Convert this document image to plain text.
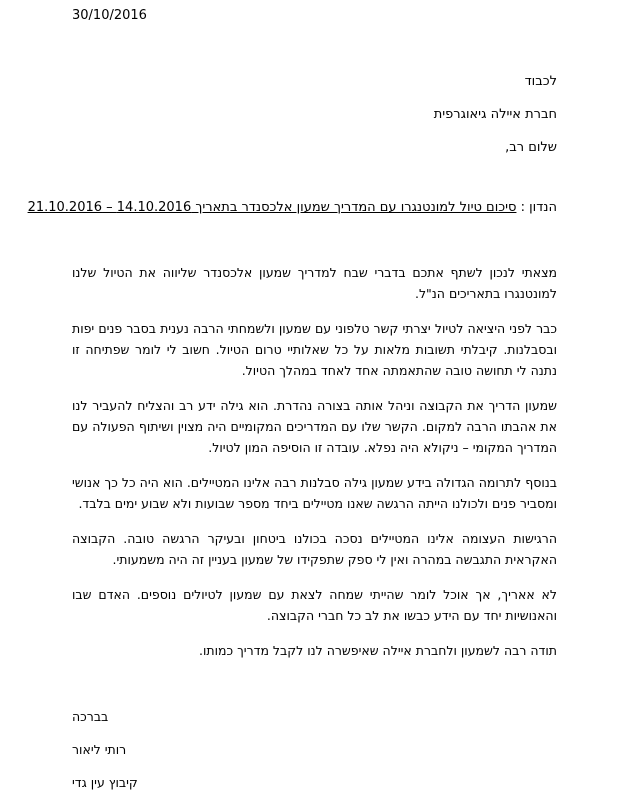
30/10/2016
לכבוד
חברת איילה גיאוגרפית
שלום רב,
הנדון : סיכום טיול למונטנגרו עם המדריך שמעון אלכסנדר בתאריך 14.10.2016 – 21.10.2016

מצאתי לנכון לשתף אתכם בדברי שבח למדריך שמעון אלכסנדר שליווה את הטיול שלנו למונטנגרו בתאריכים הנ"ל.

כבר לפני היציאה לטיול יצרתי קשר טלפוני עם שמעון ולשמחתי הרבה נענית בסבר פנים יפות ובסבלנות. קיבלתי תשובות מלאות על כל שאלותיי טרום הטיול. חשוב לי לומר שפתיחה זו נתנה לי תחושה טובה שהתאמתה אחד לאחד במהלך הטיול.

שמעון הדריך את הקבוצה וניהל אותה בצורה נהדרת. הוא גילה ידע רב והצליח להעביר לנו את אהבתו הרבה למקום. הקשר שלו עם המדריכים המקומיים היה מצוין ושיתוף הפעולה עם המדריך המקומי – ניקולא היה נפלא. עובדה זו הוסיפה המון לטיול.

בנוסף לתרומה הגדולה בידע שמעון גילה סבלנות רבה אלינו המטיילים. הוא היה כל כך אנושי ומסביר פנים ולכולנו הייתה הרגשה שאנו מטיילים ביחד מספר שבועות ולא שבוע ימים בלבד.

הרגישות העצומה אלינו המטיילים נסכה בכולנו ביטחון ובעיקר הרגשה טובה. הקבוצה האקראית התגבשה במהרה ואין לי ספק שתפקידו של שמעון בעניין זה היה משמעותי.

לא אאריך, אך אוכל לומר שהייתי שמחה לצאת עם שמעון לטיולים נוספים. האדם שבו והאנושיות יחד עם הידע כבשו את לב כל חברי הקבוצה.

תודה רבה לשמעון ולחברת איילה שאיפשרה לנו לקבל מדריך כמותו.

בברכה
רותי ליאור
קיבוץ עין גדי
